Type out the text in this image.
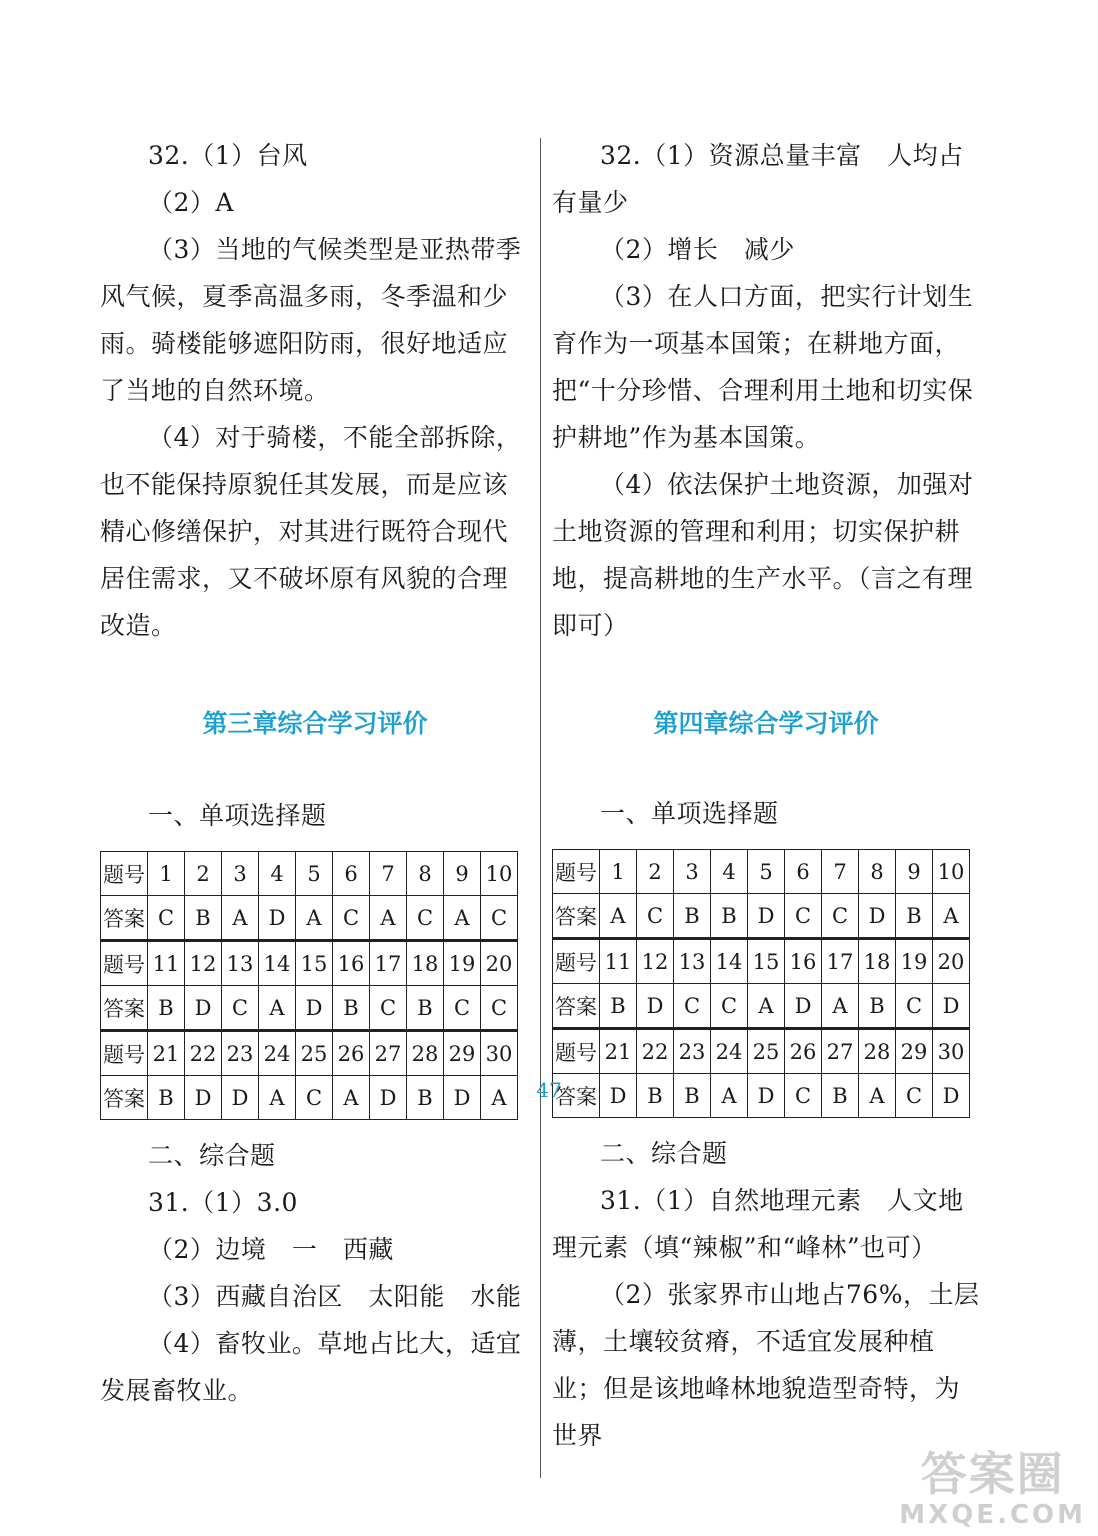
32.（1）台风

（2）A

（3）当地的气候类型是亚热带季风气候，夏季高温多雨，冬季温和少雨。骑楼能够遮阳防雨，很好地适应了当地的自然环境。

（4）对于骑楼，不能全部拆除，也不能保持原貌任其发展，而是应该精心修缮保护，对其进行既符合现代居住需求，又不破坏原有风貌的合理改造。

第三章综合学习评价

一、单项选择题

题号	1	2	3	4	5	6	7	8	9	10
答案	C	B	A	D	A	C	A	C	A	C
题号	11	12	13	14	15	16	17	18	19	20
答案	B	D	C	A	D	B	C	B	C	C
题号	21	22	23	24	25	26	27	28	29	30
答案	B	D	D	A	C	A	D	B	D	A

二、综合题

31.（1）3.0

（2）边境　一　西藏

（3）西藏自治区　太阳能　水能

（4）畜牧业。草地占比大，适宜发展畜牧业。

32.（1）资源总量丰富　人均占有量少

（2）增长　减少

（3）在人口方面，把实行计划生育作为一项基本国策；在耕地方面，把“十分珍惜、合理利用土地和切实保护耕地”作为基本国策。

（4）依法保护土地资源，加强对土地资源的管理和利用；切实保护耕地，提高耕地的生产水平。（言之有理即可）

第四章综合学习评价

一、单项选择题

题号	1	2	3	4	5	6	7	8	9	10
答案	A	C	B	B	D	C	C	D	B	A
题号	11	12	13	14	15	16	17	18	19	20
答案	B	D	C	C	A	D	A	B	C	D
题号	21	22	23	24	25	26	27	28	29	30
答案	D	B	B	A	D	C	B	A	C	D

二、综合题

31.（1）自然地理元素　人文地理元素（填“辣椒”和“峰林”也可）

（2）张家界市山地占76%，土层薄，土壤较贫瘠，不适宜发展种植业；但是该地峰林地貌造型奇特，为世界

47
答案圈
MXQE.COM
